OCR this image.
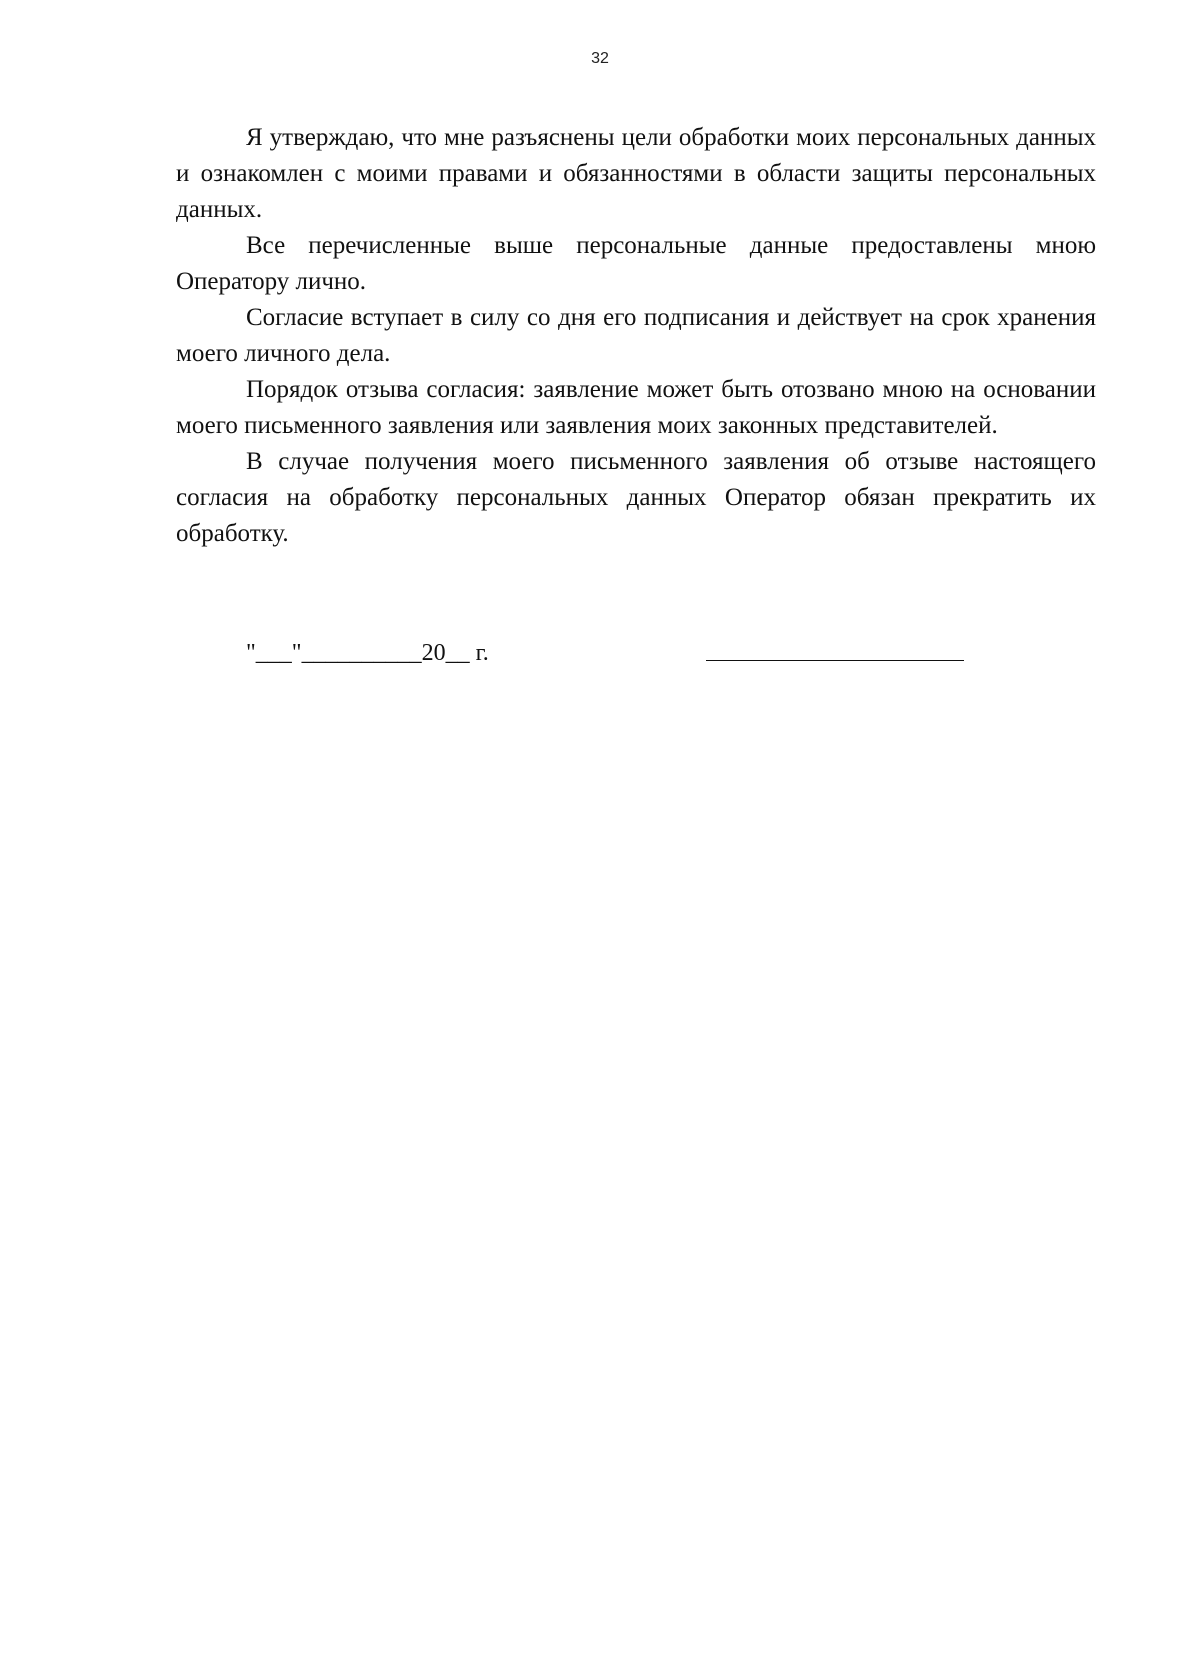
32

Я утверждаю, что мне разъяснены цели обработки моих персональных данных и ознакомлен с моими правами и обязанностями в области защиты персональных данных.

Все перечисленные выше персональные данные предоставлены мною Оператору лично.

Согласие вступает в силу со дня его подписания и действует на срок хранения моего личного дела.

Порядок отзыва согласия: заявление может быть отозвано мною на основании моего письменного заявления или заявления моих законных представителей.

В случае получения моего письменного заявления об отзыве настоящего согласия на обработку персональных данных Оператор обязан прекратить их обработку.

"___"__________20__ г.
